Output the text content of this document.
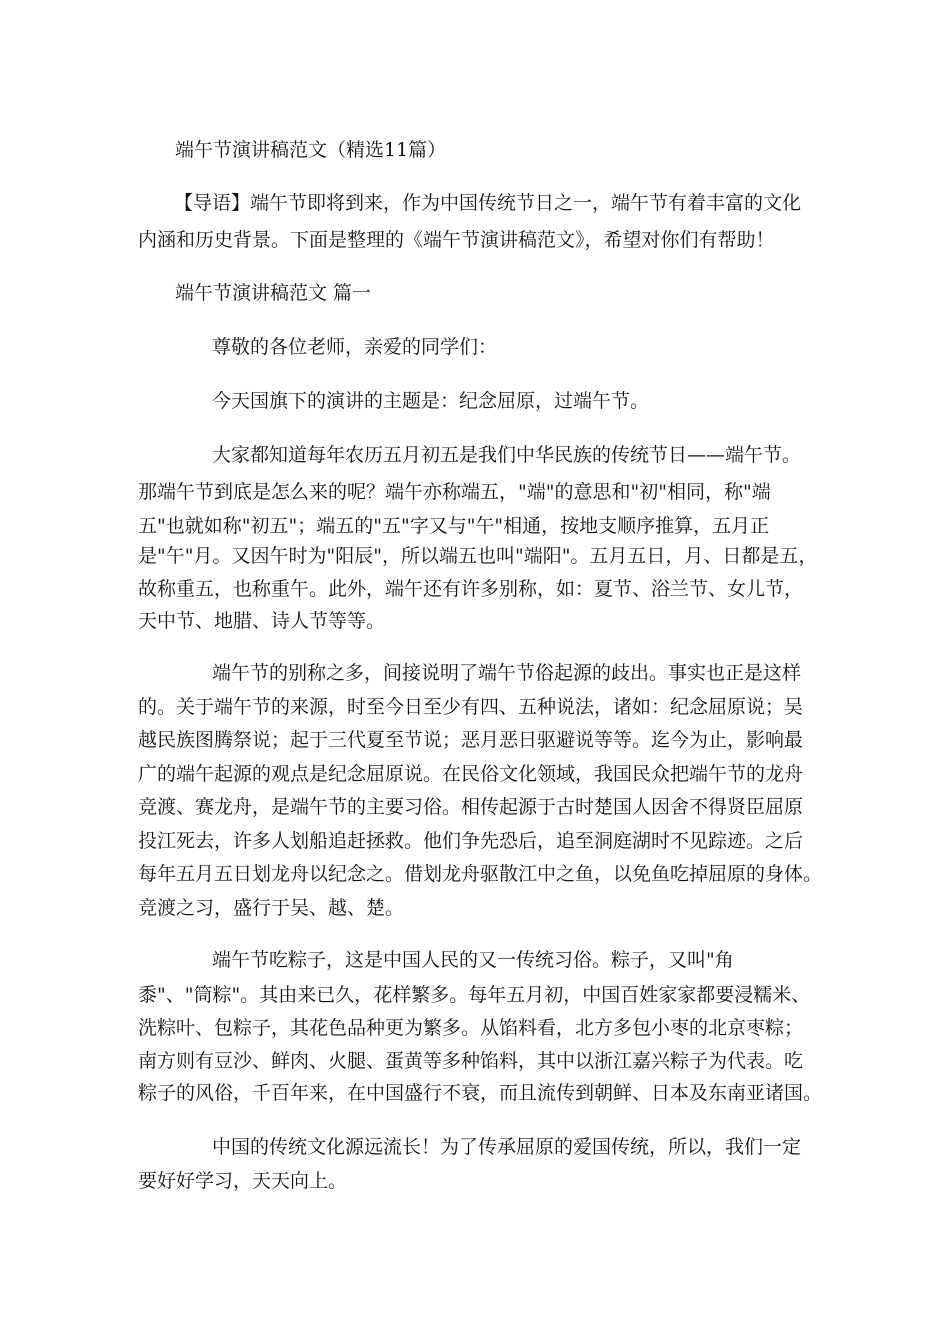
端午节演讲稿范文（精选11篇）

【导语】端午节即将到来，作为中国传统节日之一，端午节有着丰富的文化

内涵和历史背景。下面是整理的《端午节演讲稿范文》，希望对你们有帮助！

端午节演讲稿范文 篇一

尊敬的各位老师，亲爱的同学们：

今天国旗下的演讲的主题是：纪念屈原，过端午节。

大家都知道每年农历五月初五是我们中华民族的传统节日——端午节。

那端午节到底是怎么来的呢？端午亦称端五，"端"的意思和"初"相同，称"端

五"也就如称"初五"；端五的"五"字又与"午"相通，按地支顺序推算，五月正

是"午"月。又因午时为"阳辰"，所以端五也叫"端阳"。五月五日，月、日都是五，

故称重五，也称重午。此外，端午还有许多别称，如：夏节、浴兰节、女儿节，

天中节、地腊、诗人节等等。

端午节的别称之多，间接说明了端午节俗起源的歧出。事实也正是这样

的。关于端午节的来源，时至今日至少有四、五种说法，诸如：纪念屈原说；吴

越民族图腾祭说；起于三代夏至节说；恶月恶日驱避说等等。迄今为止，影响最

广的端午起源的观点是纪念屈原说。在民俗文化领域，我国民众把端午节的龙舟

竞渡、赛龙舟，是端午节的主要习俗。相传起源于古时楚国人因舍不得贤臣屈原

投江死去，许多人划船追赶拯救。他们争先恐后，追至洞庭湖时不见踪迹。之后

每年五月五日划龙舟以纪念之。借划龙舟驱散江中之鱼，以免鱼吃掉屈原的身体。

竞渡之习，盛行于吴、越、楚。

端午节吃粽子，这是中国人民的又一传统习俗。粽子，又叫"角

黍"、"筒粽"。其由来已久，花样繁多。每年五月初，中国百姓家家都要浸糯米、

洗粽叶、包粽子，其花色品种更为繁多。从馅料看，北方多包小枣的北京枣粽；

南方则有豆沙、鲜肉、火腿、蛋黄等多种馅料，其中以浙江嘉兴粽子为代表。吃

粽子的风俗，千百年来，在中国盛行不衰，而且流传到朝鲜、日本及东南亚诸国。

中国的传统文化源远流长！为了传承屈原的爱国传统，所以，我们一定

要好好学习，天天向上。
